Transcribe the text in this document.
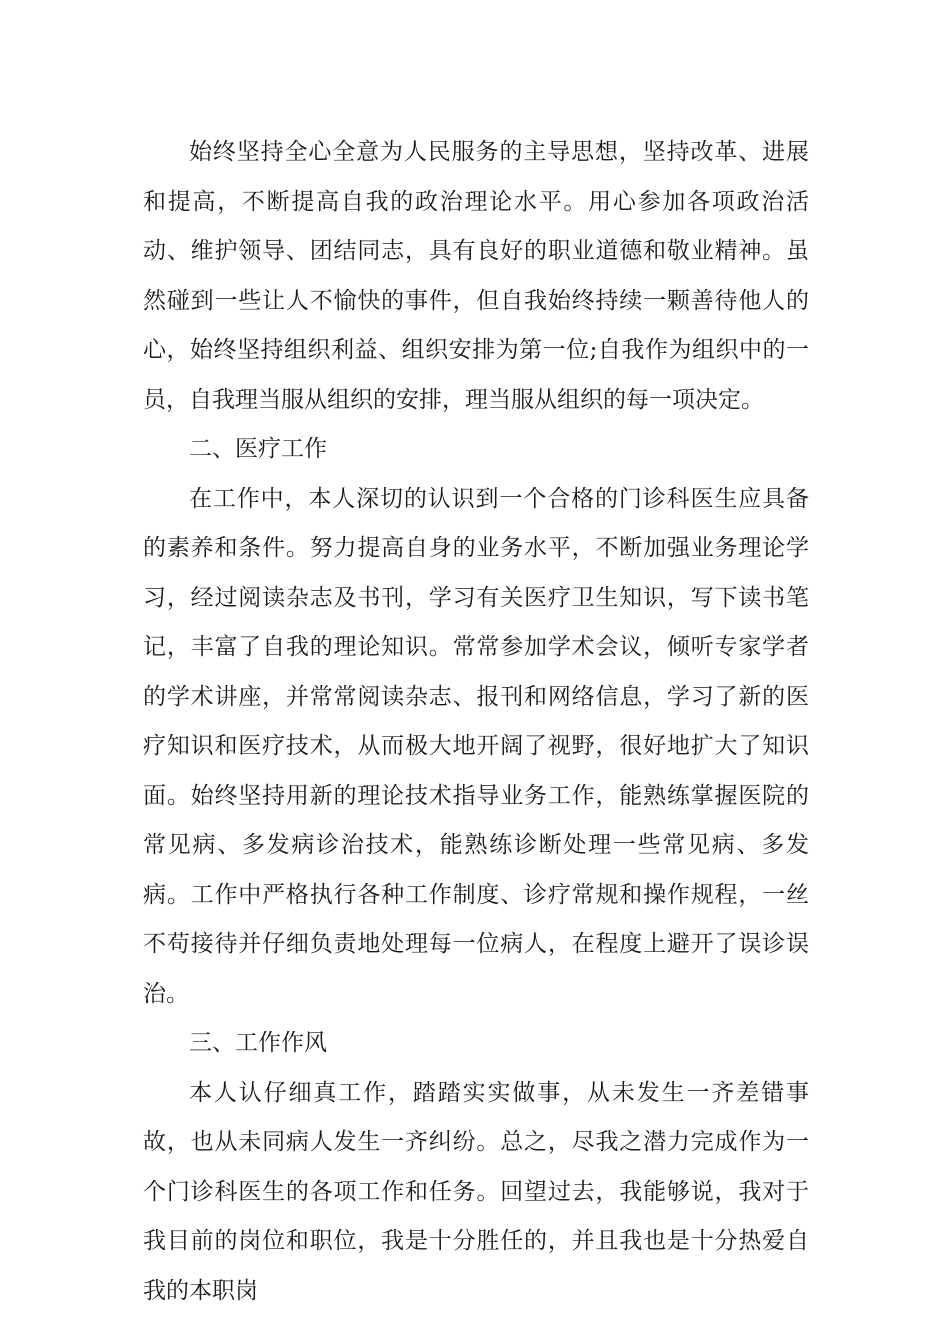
始终坚持全心全意为人民服务的主导思想，坚持改革、进展和提高，不断提高自我的政治理论水平。用心参加各项政治活动、维护领导、团结同志，具有良好的职业道德和敬业精神。虽然碰到一些让人不愉快的事件，但自我始终持续一颗善待他人的心，始终坚持组织利益、组织安排为第一位;自我作为组织中的一员，自我理当服从组织的安排，理当服从组织的每一项决定。

二、医疗工作

在工作中，本人深切的认识到一个合格的门诊科医生应具备的素养和条件。努力提高自身的业务水平，不断加强业务理论学习，经过阅读杂志及书刊，学习有关医疗卫生知识，写下读书笔记，丰富了自我的理论知识。常常参加学术会议，倾听专家学者的学术讲座，并常常阅读杂志、报刊和网络信息，学习了新的医疗知识和医疗技术，从而极大地开阔了视野，很好地扩大了知识面。始终坚持用新的理论技术指导业务工作，能熟练掌握医院的常见病、多发病诊治技术，能熟练诊断处理一些常见病、多发病。工作中严格执行各种工作制度、诊疗常规和操作规程，一丝不苟接待并仔细负责地处理每一位病人，在程度上避开了误诊误治。

三、工作作风

本人认仔细真工作，踏踏实实做事，从未发生一齐差错事故，也从未同病人发生一齐纠纷。总之，尽我之潜力完成作为一个门诊科医生的各项工作和任务。回望过去，我能够说，我对于我目前的岗位和职位，我是十分胜任的，并且我也是十分热爱自我的本职岗
